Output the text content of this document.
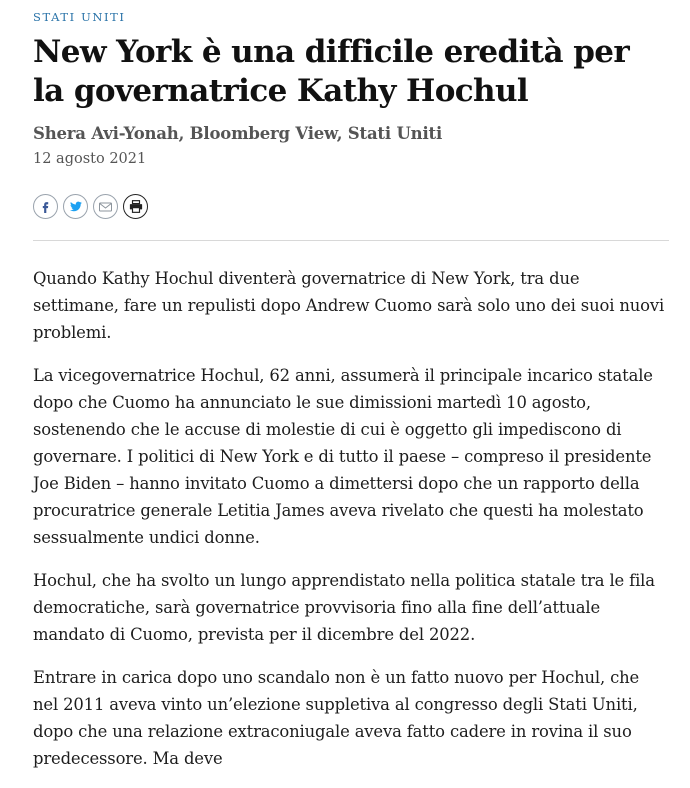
STATI UNITI
New York è una difficile eredità per la governatrice Kathy Hochul
Shera Avi-Yonah, Bloomberg View, Stati Uniti
12 agosto 2021

Quando Kathy Hochul diventerà governatrice di New York, tra due settimane, fare un repulisti dopo Andrew Cuomo sarà solo uno dei suoi nuovi problemi.

La vicegovernatrice Hochul, 62 anni, assumerà il principale incarico statale dopo che Cuomo ha annunciato le sue dimissioni martedì 10 agosto, sostenendo che le accuse di molestie di cui è oggetto gli impediscono di governare. I politici di New York e di tutto il paese – compreso il presidente Joe Biden – hanno invitato Cuomo a dimettersi dopo che un rapporto della procuratrice generale Letitia James aveva rivelato che questi ha molestato sessualmente undici donne.

Hochul, che ha svolto un lungo apprendistato nella politica statale tra le fila democratiche, sarà governatrice provvisoria fino alla fine dell’attuale mandato di Cuomo, prevista per il dicembre del 2022.

Entrare in carica dopo uno scandalo non è un fatto nuovo per Hochul, che nel 2011 aveva vinto un’elezione suppletiva al congresso degli Stati Uniti, dopo che una relazione extraconiugale aveva fatto cadere in rovina il suo predecessore. Ma deve
